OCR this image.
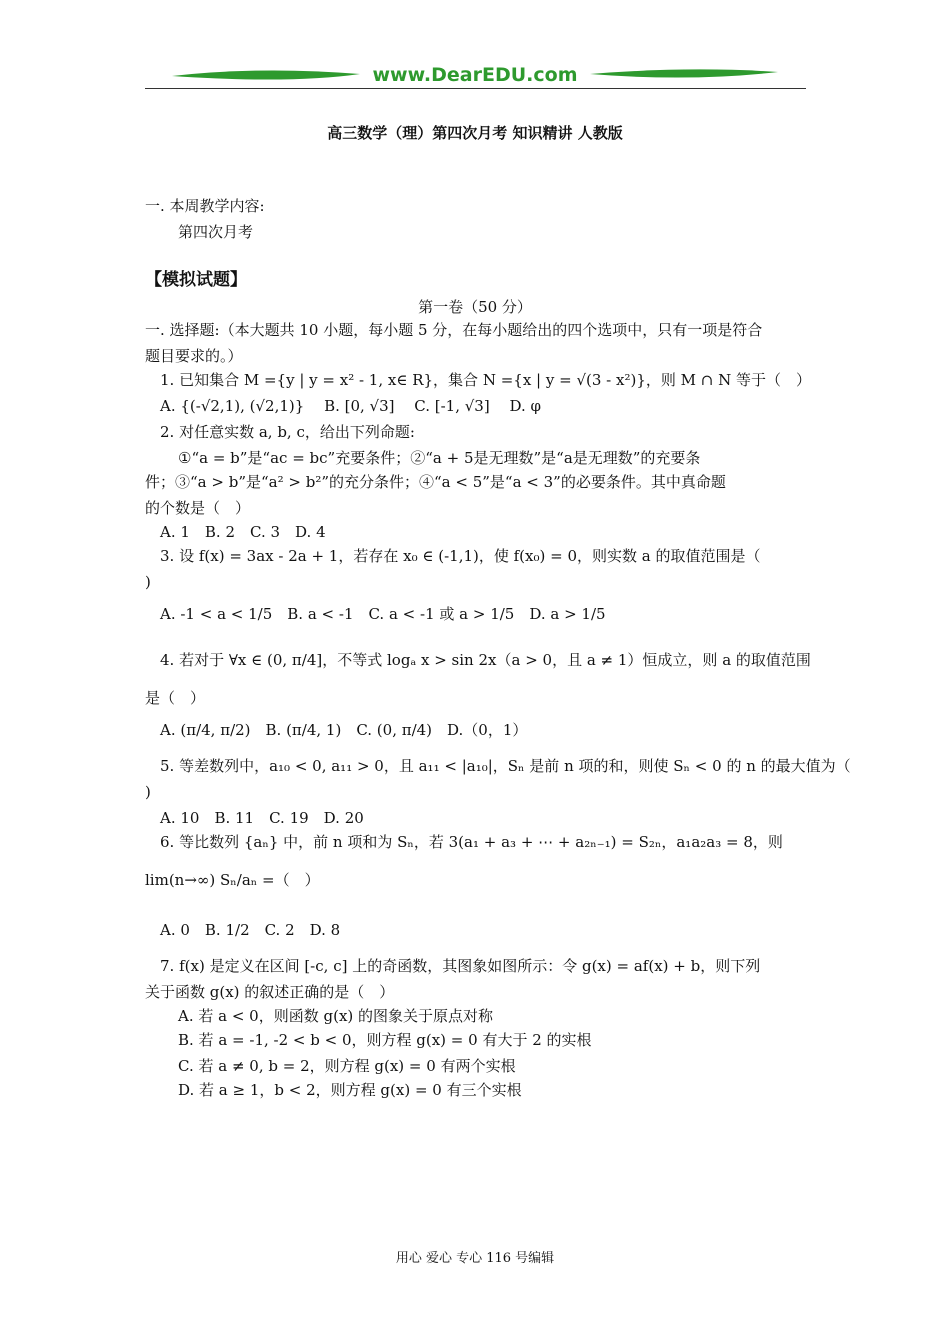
www.DearEDU.com
高三数学（理）第四次月考 知识精讲 人教版
一. 本周教学内容:
第四次月考
【模拟试题】
第一卷（50 分）
一. 选择题:（本大题共 10 小题，每小题 5 分，在每小题给出的四个选项中，只有一项是符合
题目要求的。）
1. 已知集合 M ={y | y = x² - 1, x∈ R}，集合 N ={x | y = √(3 - x²)}，则 M ∩ N 等于（　）
A. {(-√2,1), (√2,1)}　 B. [0, √3]　 C. [-1, √3]　 D. φ
2. 对任意实数 a, b, c，给出下列命题:
①“a = b”是“ac = bc”充要条件；②“a + 5是无理数”是“a是无理数”的充要条
件；③“a > b”是“a² > b²”的充分条件；④“a < 5”是“a < 3”的必要条件。其中真命题
的个数是（　）
A. 1　B. 2　C. 3　D. 4
3. 设 f(x) = 3ax - 2a + 1，若存在 x₀ ∈ (-1,1)，使 f(x₀) = 0，则实数 a 的取值范围是（
)
A. -1 < a < 1/5　B. a < -1　C. a < -1 或 a > 1/5　D. a > 1/5
4. 若对于 ∀x ∈ (0, π/4]，不等式 logₐ x > sin 2x（a > 0，且 a ≠ 1）恒成立，则 a 的取值范围
是（　）
A. (π/4, π/2)　B. (π/4, 1)　C. (0, π/4)　D.（0，1）
5. 等差数列中，a₁₀ < 0, a₁₁ > 0，且 a₁₁ < |a₁₀|，Sₙ 是前 n 项的和，则使 Sₙ < 0 的 n 的最大值为（
)
A. 10　B. 11　C. 19　D. 20
6. 等比数列 {aₙ} 中，前 n 项和为 Sₙ，若 3(a₁ + a₃ + ⋯ + a₂ₙ₋₁) = S₂ₙ，a₁a₂a₃ = 8，则
lim(n→∞) Sₙ/aₙ =（　）
A. 0　B. 1/2　C. 2　D. 8
7. f(x) 是定义在区间 [-c, c] 上的奇函数，其图象如图所示：令 g(x) = af(x) + b，则下列
关于函数 g(x) 的叙述正确的是（　）
A. 若 a < 0，则函数 g(x) 的图象关于原点对称
B. 若 a = -1, -2 < b < 0，则方程 g(x) = 0 有大于 2 的实根
C. 若 a ≠ 0, b = 2，则方程 g(x) = 0 有两个实根
D. 若 a ≥ 1，b < 2，则方程 g(x) = 0 有三个实根
用心 爱心 专心 116 号编辑
